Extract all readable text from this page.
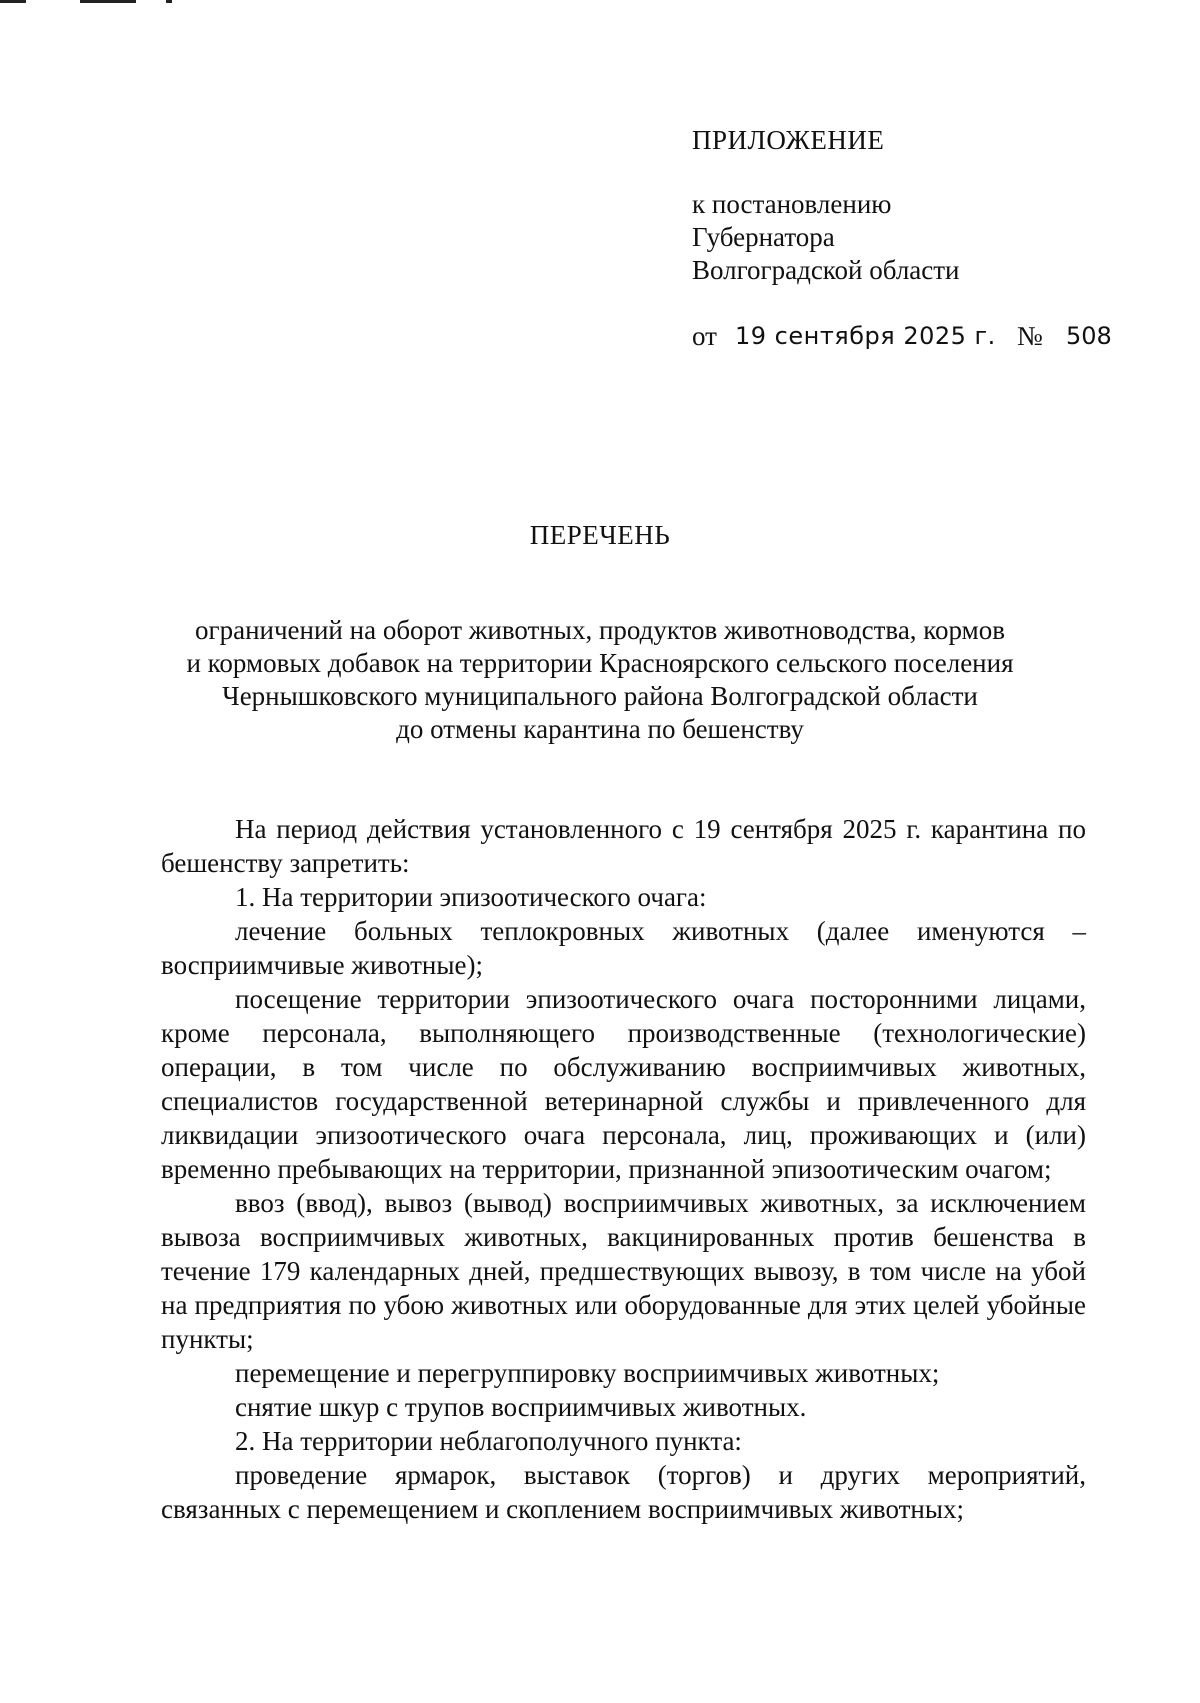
ПРИЛОЖЕНИЕ
к постановлению
Губернатора
Волгоградской области
от 19 сентября 2025 г. № 508
ПЕРЕЧЕНЬ
ограничений на оборот животных, продуктов животноводства, кормов
и кормовых добавок на территории Красноярского сельского поселения
Чернышковского муниципального района Волгоградской области
до отмены карантина по бешенству

На период действия установленного с 19 сентября 2025 г. карантина по бешенству запретить:

1. На территории эпизоотического очага:

лечение больных теплокровных животных (далее именуются – восприимчивые животные);

посещение территории эпизоотического очага посторонними лицами, кроме персонала, выполняющего производственные (технологические) операции, в том числе по обслуживанию восприимчивых животных, специалистов государственной ветеринарной службы и привлеченного для ликвидации эпизоотического очага персонала, лиц, проживающих и (или) временно пребывающих на территории, признанной эпизоотическим очагом;

ввоз (ввод), вывоз (вывод) восприимчивых животных, за исключением вывоза восприимчивых животных, вакцинированных против бешенства в течение 179 календарных дней, предшествующих вывозу, в том числе на убой на предприятия по убою животных или оборудованные для этих целей убойные пункты;

перемещение и перегруппировку восприимчивых животных;

снятие шкур с трупов восприимчивых животных.

2. На территории неблагополучного пункта:

проведение ярмарок, выставок (торгов) и других мероприятий, связанных с перемещением и скоплением восприимчивых животных;
